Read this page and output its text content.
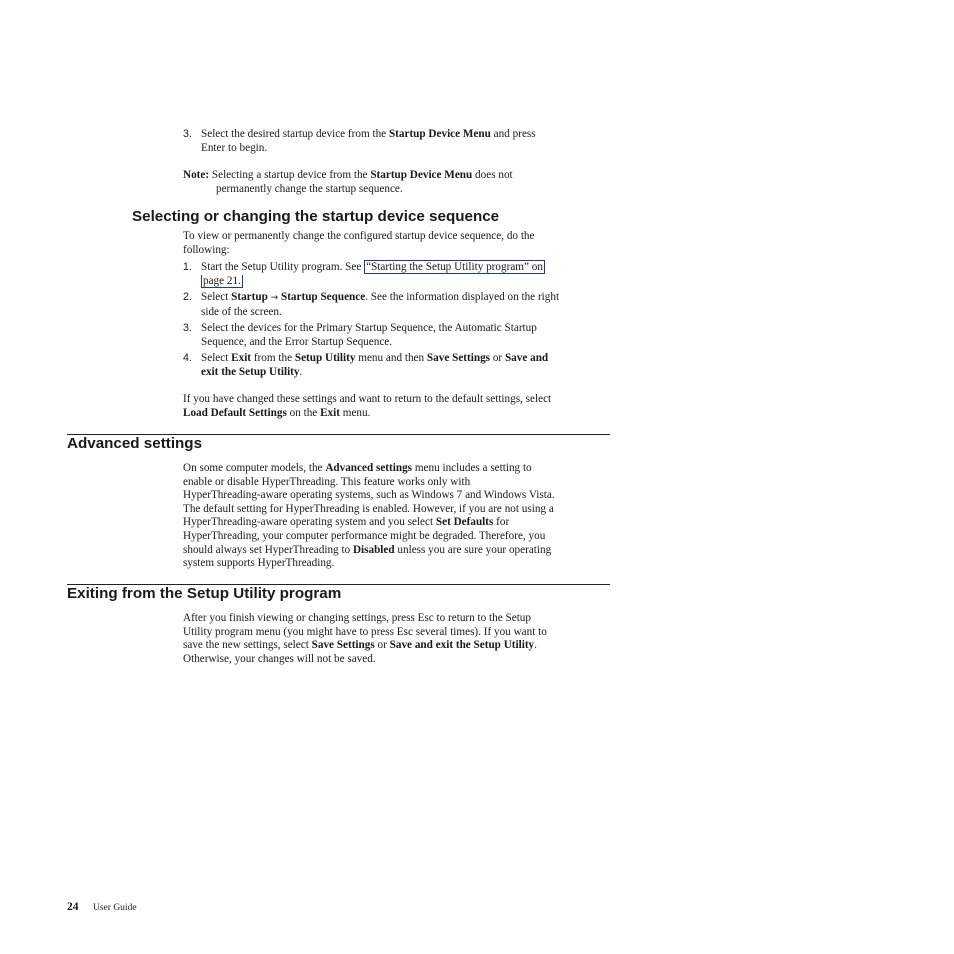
3. Select the desired startup device from the Startup Device Menu and press
Enter to begin.
Note: Selecting a startup device from the Startup Device Menu does not
permanently change the startup sequence.
Selecting or changing the startup device sequence
To view or permanently change the configured startup device sequence, do the
following:
1. Start the Setup Utility program. See “Starting the Setup Utility program” on
page 21.
2. Select Startup → Startup Sequence. See the information displayed on the right
side of the screen.
3. Select the devices for the Primary Startup Sequence, the Automatic Startup
Sequence, and the Error Startup Sequence.
4. Select Exit from the Setup Utility menu and then Save Settings or Save and
exit the Setup Utility.
If you have changed these settings and want to return to the default settings, select
Load Default Settings on the Exit menu.
Advanced settings
On some computer models, the Advanced settings menu includes a setting to
enable or disable HyperThreading. This feature works only with
HyperThreading-aware operating systems, such as Windows 7 and Windows Vista.
The default setting for HyperThreading is enabled. However, if you are not using a
HyperThreading-aware operating system and you select Set Defaults for
HyperThreading, your computer performance might be degraded. Therefore, you
should always set HyperThreading to Disabled unless you are sure your operating
system supports HyperThreading.
Exiting from the Setup Utility program
After you finish viewing or changing settings, press Esc to return to the Setup
Utility program menu (you might have to press Esc several times). If you want to
save the new settings, select Save Settings or Save and exit the Setup Utility.
Otherwise, your changes will not be saved.
24 User Guide
